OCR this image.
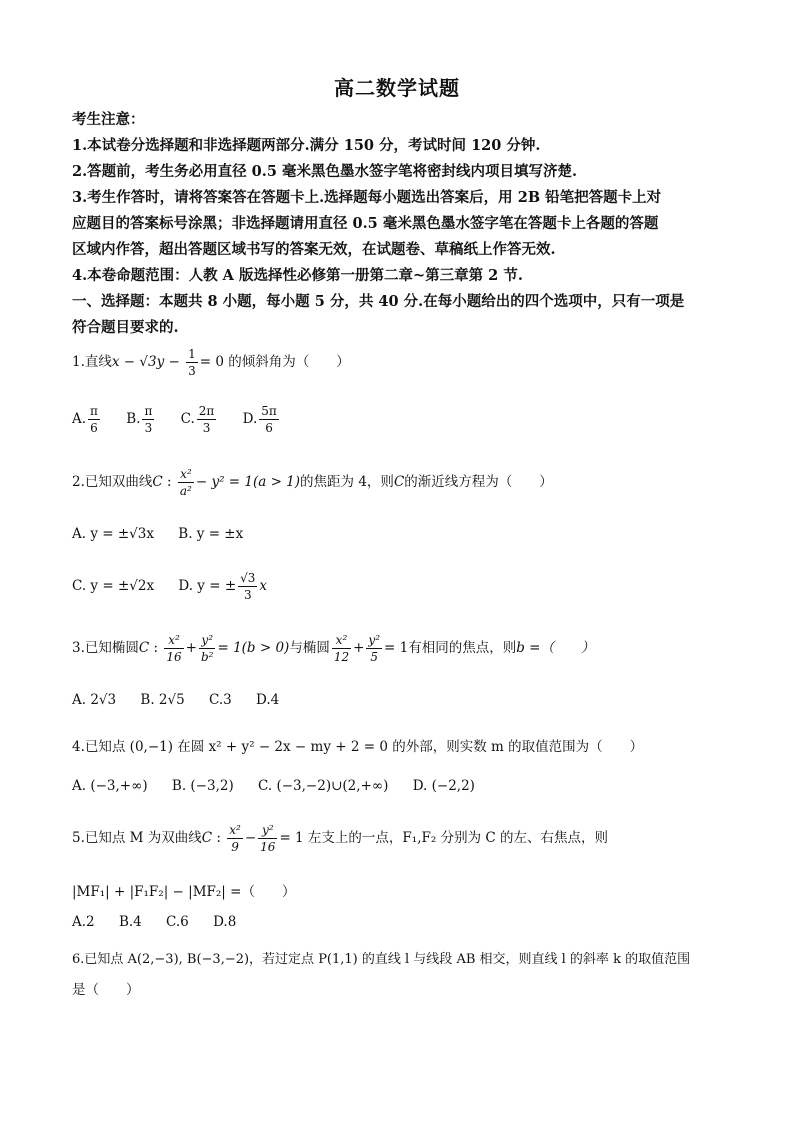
高二数学试题
考生注意：
1.本试卷分选择题和非选择题两部分.满分 150 分，考试时间 120 分钟.
2.答题前，考生务必用直径 0.5 毫米黑色墨水签字笔将密封线内项目填写济楚.
3.考生作答时，请将答案答在答题卡上.选择题每小题选出答案后，用 2B 铅笔把答题卡上对
应题目的答案标号涂黑；非选择题请用直径 0.5 毫米黑色墨水签字笔在答题卡上各题的答题
区域内作答，超出答题区域书写的答案无效，在试题卷、草稿纸上作答无效.
4.本卷命题范围：人教 A 版选择性必修第一册第二章~第三章第 2 节.
一、选择题：本题共 8 小题，每小题 5 分，共 40 分.在每小题给出的四个选项中，只有一项是
符合题目要求的.
1.直线$x - √3y - \frac{1}{3} = 0$ 的倾斜角为（　　）
A. $\frac{\pi}{6} B$. $\frac{\pi}{3} C$. $\frac{2\pi}{3} D$. $\frac{5\pi}{6}$
2.已知双曲线C : $\frac{\text{x²}}{\text{a²}} - y^2 = 1(a > 1)$的焦距为 4，则C的渐近线方程为（　　）
A. y = ±√3x B. y = ±x
C. y = ±√2x D. y = ± $\frac{√3}{3}$ x
3.已知椭圆C : $\frac{\text{x²}}{16} + \frac{\text{y²}}{\text{b²}} = 1(b > 0)$与椭圆 $\frac{\text{x²}}{12} + \frac{\text{y²}}{5} = 1$有相同的焦点，则b =（　　）
A. 2√3 B. 2√5 C.3 D.4
4.已知点 (0,−1) 在圆 x² + y² − 2x − my + 2 = 0 的外部，则实数 m 的取值范围为（　　）
A. (−3,+∞) B. (−3,2) C. (−3,−2)∪(2,+∞) D. (−2,2)
5.已知点 M 为双曲线C : $\frac{\text{x²}}{9} - \frac{\text{y²}}{16} = 1$ 左支上的一点，F₁,F₂ 分别为 C 的左、右焦点，则
|MF₁| + |F₁F₂| − |MF₂| =（　　）
A.2 B.4 C.6 D.8
6.已知点 A(2,−3), B(−3,−2)，若过定点 P(1,1) 的直线 l 与线段 AB 相交，则直线 l 的斜率 k 的取值范围
是（　　）
